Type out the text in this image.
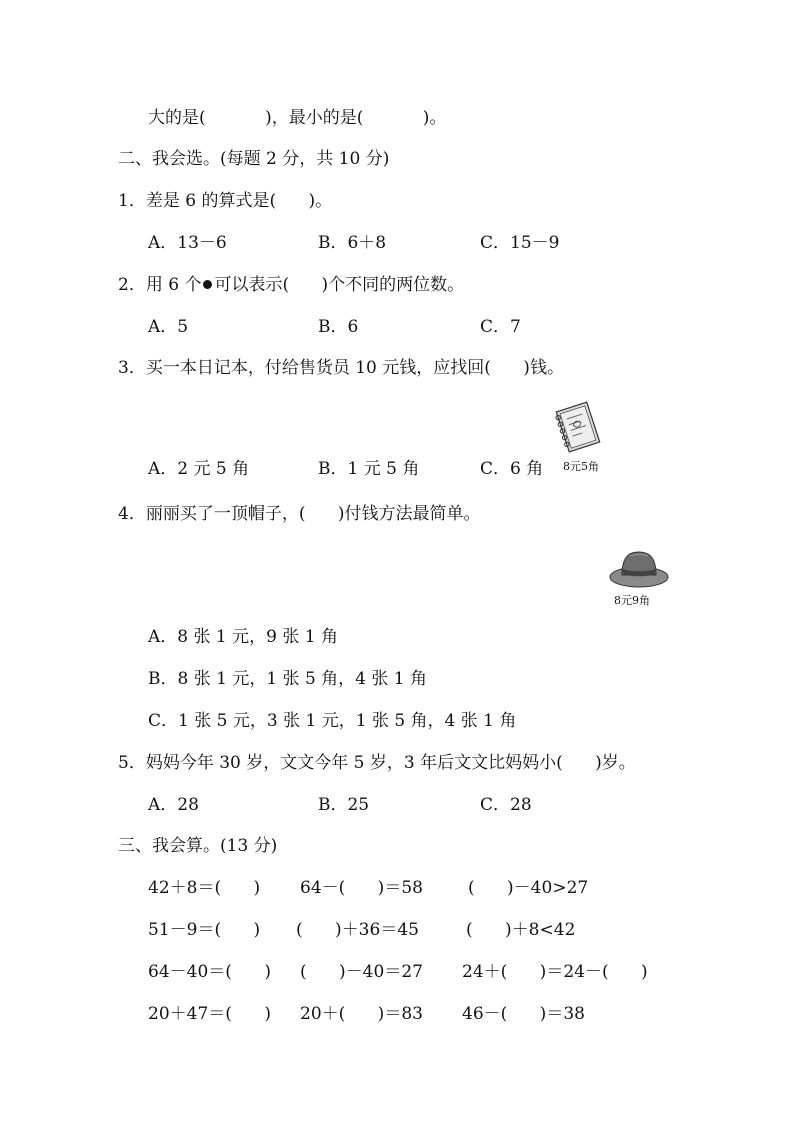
大的是(           )，最小的是(           )。
二、我会选。(每题 2 分，共 10 分)
1．差是 6 的算式是(      )。
A．13－6	B．6＋8	C．15－9
2．用 6 个 可以表示(      )个不同的两位数。
A．5	B．6	C．7
3．买一本日记本，付给售货员 10 元钱，应找回(      )钱。
8元5角
A．2 元 5 角	B．1 元 5 角	C．6 角
4．丽丽买了一顶帽子，(      )付钱方法最简单。
8元9角
A．8 张 1 元，9 张 1 角
B．8 张 1 元，1 张 5 角，4 张 1 角
C．1 张 5 元，3 张 1 元，1 张 5 角，4 张 1 角
5．妈妈今年 30 岁，文文今年 5 岁，3 年后文文比妈妈小(      )岁。
A．28	B．25	C．28
三、我会算。(13 分)
42＋8＝(      ) 64－(      )＝58	(      )－40>27
51－9＝(      ) (      )＋36＝45	(      )＋8<42
64－40＝(      ) (      )－40＝27 24＋(      )＝24－(      )
20＋47＝(      ) 20＋(      )＝83 46－(      )＝38
